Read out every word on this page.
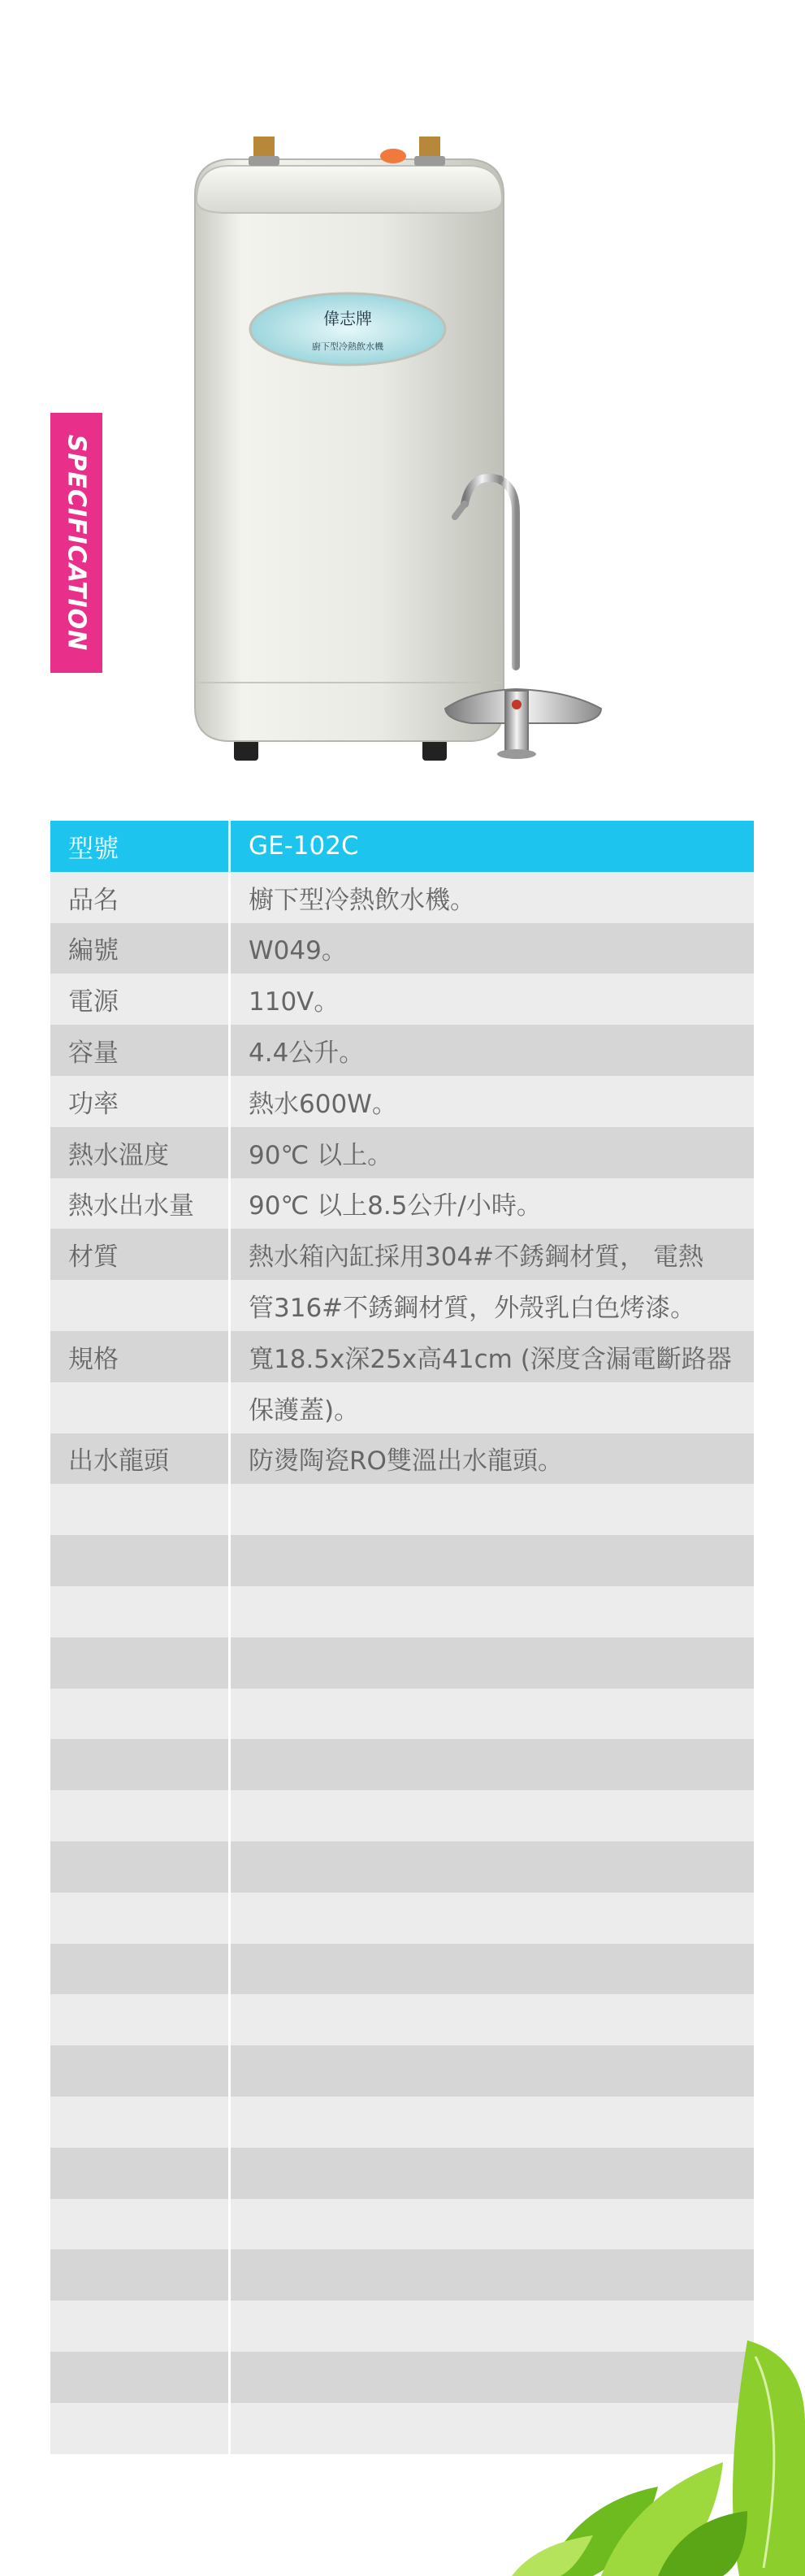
SPECIFICATION
偉志牌
廚下型冷熱飲水機
型號	GE-102C
品名	櫥下型冷熱飲水機。
編號	W049。
電源	110V。
容量	4.4公升。
功率	熱水600W。
熱水溫度	90℃ 以上。
熱水出水量	90℃ 以上8.5公升/小時。
材質	熱水箱內缸採用304#不銹鋼材質， 電熱
管316#不銹鋼材質，外殼乳白色烤漆。
規格	寬18.5x深25x高41cm (深度含漏電斷路器
保護蓋)。
出水龍頭	防燙陶瓷RO雙溫出水龍頭。
